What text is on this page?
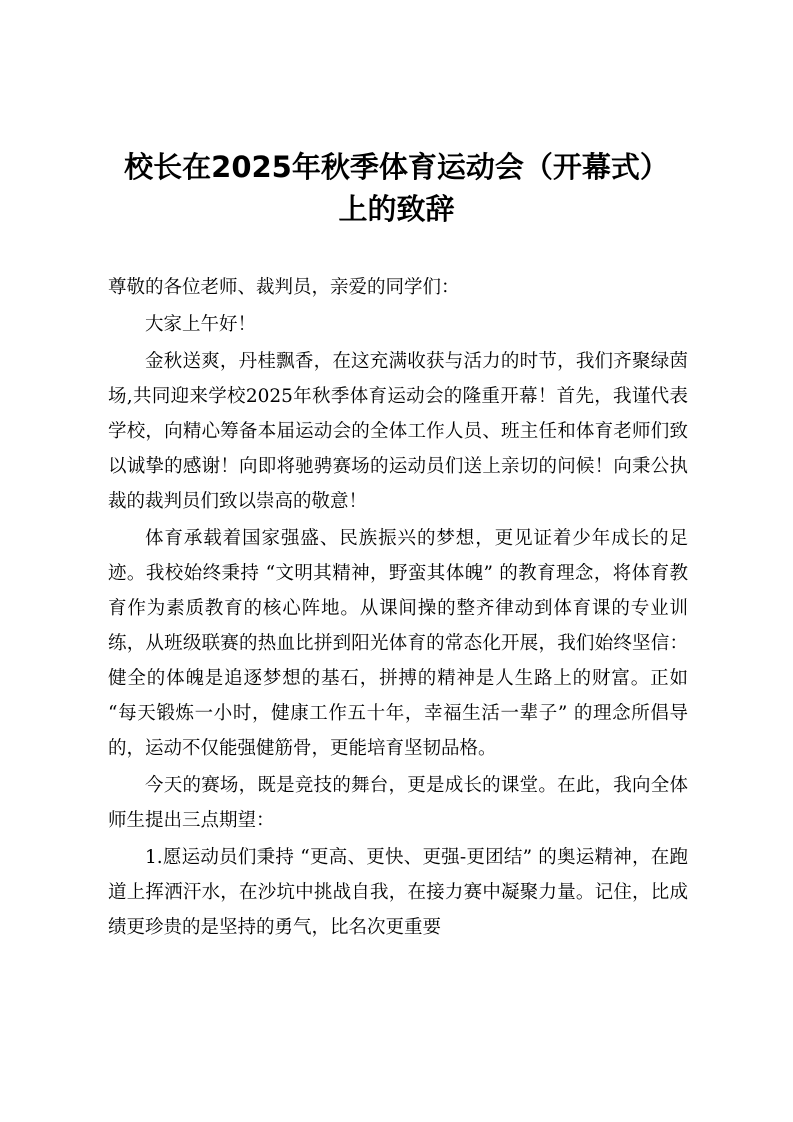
校长在2025年秋季体育运动会（开幕式）
上的致辞

尊敬的各位老师、裁判员，亲爱的同学们：

大家上午好！

金秋送爽，丹桂飘香，在这充满收获与活力的时节，我们齐聚绿茵场,共同迎来学校2025年秋季体育运动会的隆重开幕！首先，我谨代表学校，向精心筹备本届运动会的全体工作人员、班主任和体育老师们致以诚挚的感谢！向即将驰骋赛场的运动员们送上亲切的问候！向秉公执裁的裁判员们致以崇高的敬意！

体育承载着国家强盛、民族振兴的梦想，更见证着少年成长的足迹。我校始终秉持 “文明其精神，野蛮其体魄” 的教育理念，将体育教育作为素质教育的核心阵地。从课间操的整齐律动到体育课的专业训练，从班级联赛的热血比拼到阳光体育的常态化开展，我们始终坚信：健全的体魄是追逐梦想的基石，拼搏的精神是人生路上的财富。正如 “每天锻炼一小时，健康工作五十年，幸福生活一辈子” 的理念所倡导的，运动不仅能强健筋骨，更能培育坚韧品格。

今天的赛场，既是竞技的舞台，更是成长的课堂。在此，我向全体师生提出三点期望：

1.愿运动员们秉持 “更高、更快、更强-更团结” 的奥运精神，在跑道上挥洒汗水，在沙坑中挑战自我，在接力赛中凝聚力量。记住，比成绩更珍贵的是坚持的勇气，比名次更重要
